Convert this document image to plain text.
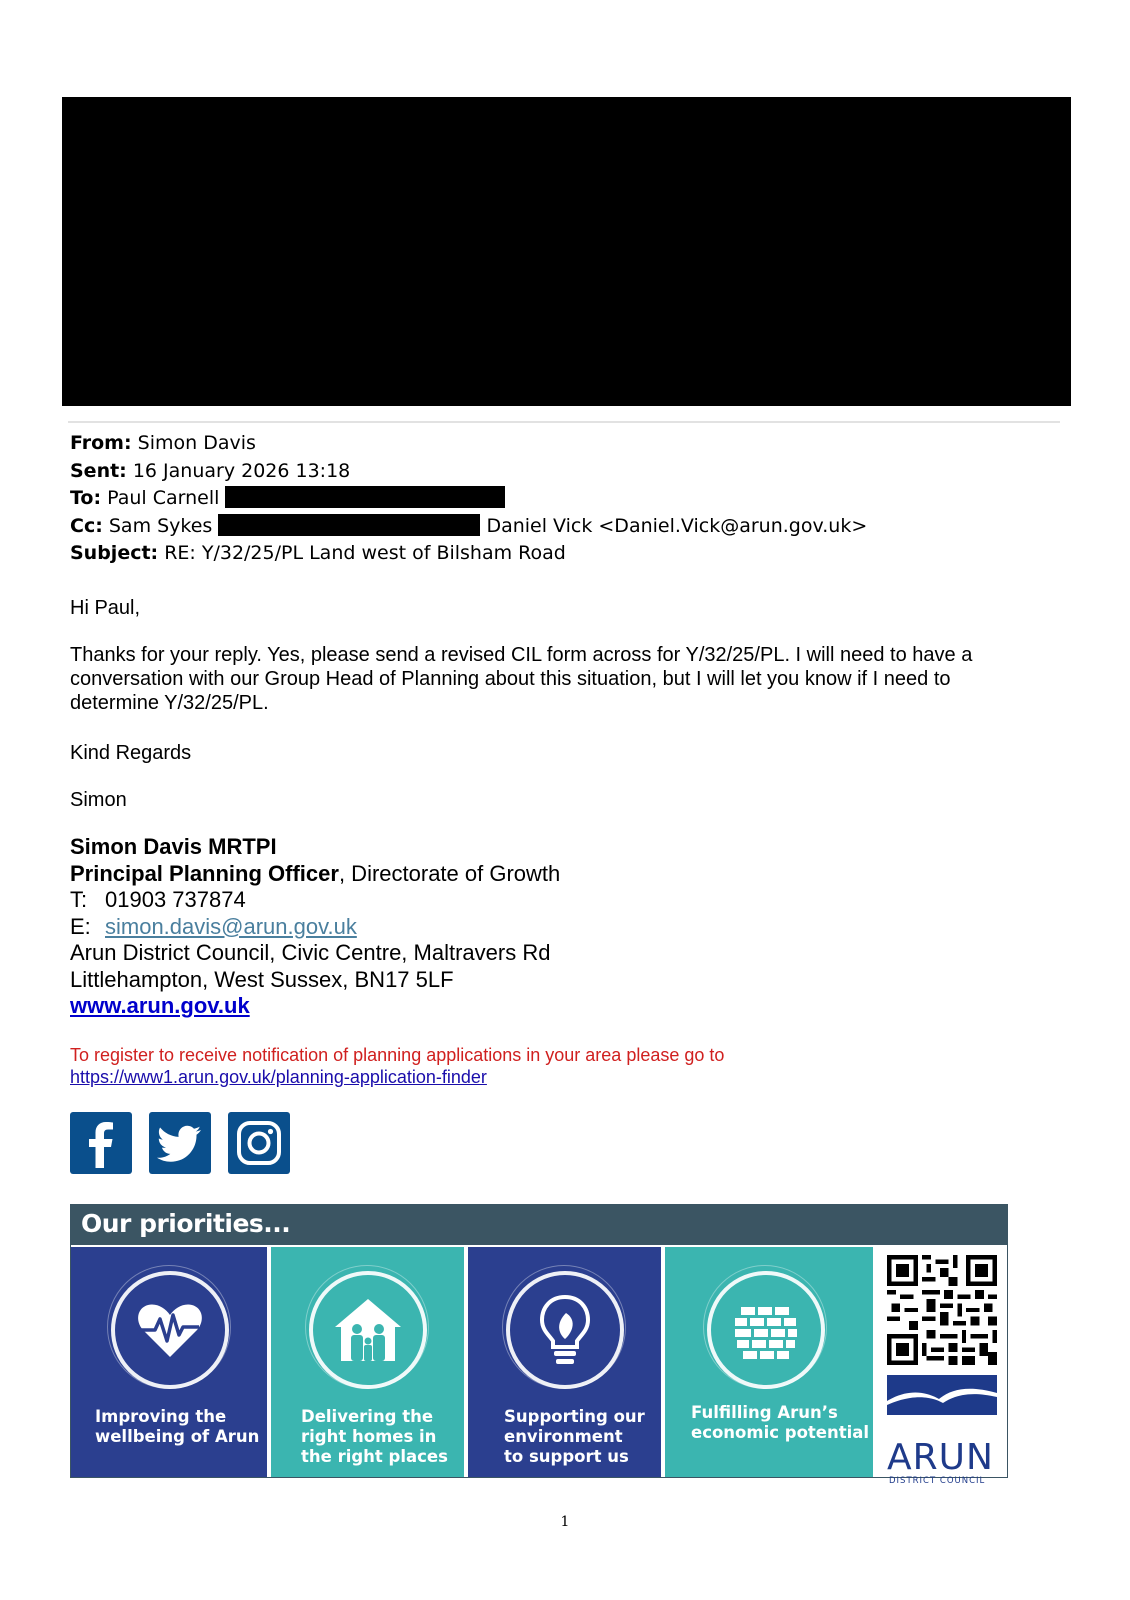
From: Simon Davis
Sent: 16 January 2026 13:18
To: Paul Carnell
Cc: Sam Sykes	Daniel Vick <Daniel.Vick@arun.gov.uk>
Subject: RE: Y/32/25/PL Land west of Bilsham Road
Hi Paul,
Thanks for your reply. Yes, please send a revised CIL form across for Y/32/25/PL. I will need to have a conversation with our Group Head of Planning about this situation, but I will let you know if I need to determine Y/32/25/PL.
Kind Regards
Simon
Simon Davis MRTPI
Principal Planning Officer, Directorate of Growth
T: 01903 737874
E: simon.davis@arun.gov.uk
Arun District Council, Civic Centre, Maltravers Rd
Littlehampton, West Sussex, BN17 5LF
www.arun.gov.uk
To register to receive notification of planning applications in your area please go to
https://www1.arun.gov.uk/planning-application-finder
Our priorities...
Improving the
wellbeing of Arun
Delivering the
right homes in
the right places
Supporting our
environment
to support us
Fulfilling Arun’s
economic potential
ARUN
DISTRICT COUNCIL
1
